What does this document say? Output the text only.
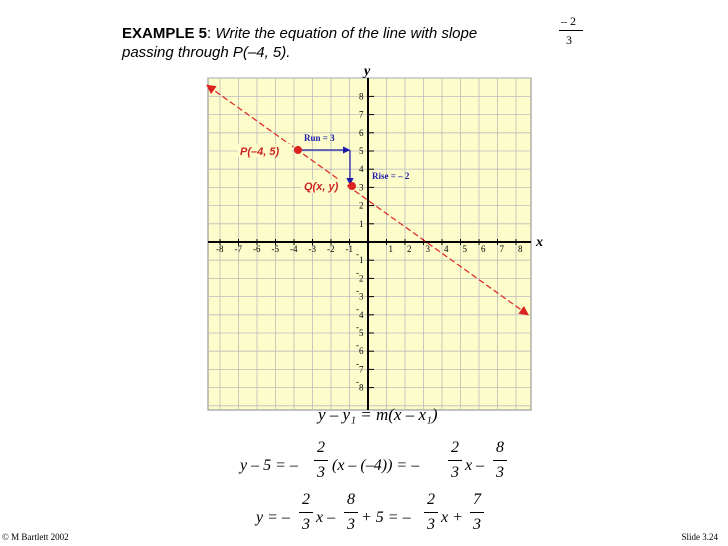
EXAMPLE 5: Write the equation of the line with slope
passing through P(–4, 5).
– 2
3
-8 -7 -6 -5 -4 -3 -2 -1	1 2 3 4 5 6 7 8
1
2
3
4
5
6
7
8
-
1
-
2
-
3
-
4
-
5
-
6
-
7
-
8
x
y
Run = 3
Rise = – 2
P(–4, 5)
Q(x, y)
y – y₁ = m(x – x₁)
y – 5 = –
2
3 (x – (–4)) = –
2
3 x –
8
3
y = –
2
3 x –
8
3 + 5 = –
2
3 x +
7
3
© M Bartlett 2002	Slide 3.24
